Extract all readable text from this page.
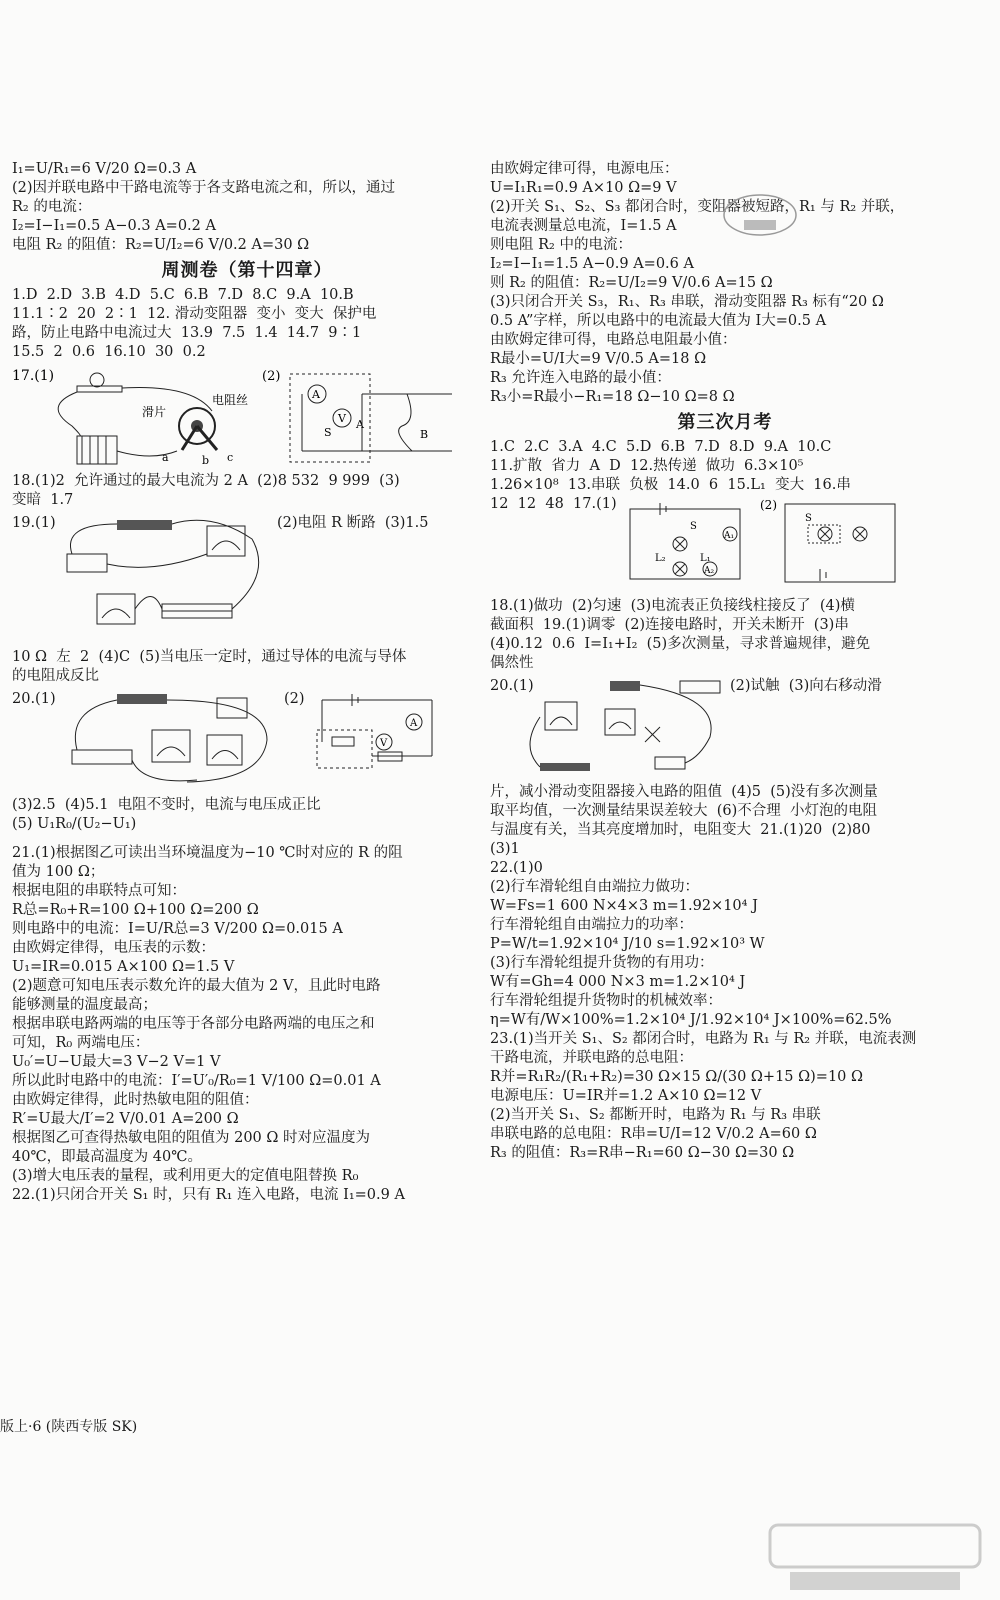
I₁=U/R₁=6 V/20 Ω=0.3 A

(2)因并联电路中干路电流等于各支路电流之和，所以，通过

R₂ 的电流：

I₂=I−I₁=0.5 A−0.3 A=0.2 A

电阻 R₂ 的阻值：R₂=U/I₂=6 V/0.2 A=30 Ω

周测卷（第十四章）

1.D  2.D  3.B  4.D  5.C  6.B  7.D  8.C  9.A  10.B

11.1∶2  20  2∶1  12. 滑动变阻器  变小  变大  保护电

路，防止电路中电流过大  13.9  7.5  1.4  14.7  9∶1

15.5  2  0.6  16.10  30  0.2

17.(1)
滑片
电阻丝
a	b c
(2)
A
V
S
A
B

18.(1)2  允许通过的最大电流为 2 A  (2)8 532  9 999  (3)

变暗  1.7

19.(1)	(2)电阻 R 断路  (3)1.5

10 Ω  左  2  (4)C  (5)当电压一定时，通过导体的电流与导体

的电阻成反比

20.(1)	(2)
V
A

(3)2.5  (4)5.1  电阻不变时，电流与电压成正比

(5) U₁R₀/(U₂−U₁)

21.(1)根据图乙可读出当环境温度为−10 ℃时对应的 R 的阻

值为 100 Ω；

根据电阻的串联特点可知：

R总=R₀+R=100 Ω+100 Ω=200 Ω

则电路中的电流：I=U/R总=3 V/200 Ω=0.015 A

由欧姆定律得，电压表的示数：

U₁=IR=0.015 A×100 Ω=1.5 V

(2)题意可知电压表示数允许的最大值为 2 V，且此时电路

能够测量的温度最高；

根据串联电路两端的电压等于各部分电路两端的电压之和

可知，R₀ 两端电压：

U₀′=U−U最大=3 V−2 V=1 V

所以此时电路中的电流：I′=U′₀/R₀=1 V/100 Ω=0.01 A

由欧姆定律得，此时热敏电阻的阻值：

R′=U最大/I′=2 V/0.01 A=200 Ω

根据图乙可查得热敏电阻的阻值为 200 Ω 时对应温度为

40℃，即最高温度为 40℃。

(3)增大电压表的量程，或利用更大的定值电阻替换 R₀

22.(1)只闭合开关 S₁ 时，只有 R₁ 连入电路，电流 I₁=0.9 A

由欧姆定律可得，电源电压：

U=I₁R₁=0.9 A×10 Ω=9 V

(2)开关 S₁、S₂、S₃ 都闭合时，变阻器被短路，R₁ 与 R₂ 并联，

电流表测量总电流，I=1.5 A

则电阻 R₂ 中的电流：

I₂=I−I₁=1.5 A−0.9 A=0.6 A

则 R₂ 的阻值：R₂=U/I₂=9 V/0.6 A=15 Ω

(3)只闭合开关 S₃，R₁、R₃ 串联，滑动变阻器 R₃ 标有“20 Ω

0.5 A”字样，所以电路中的电流最大值为 I大=0.5 A

由欧姆定律可得，电路总电阻最小值：

R最小=U/I大=9 V/0.5 A=18 Ω

R₃ 允许连入电路的最小值：

R₃小=R最小−R₁=18 Ω−10 Ω=8 Ω

第三次月考

1.C  2.C  3.A  4.C  5.D  6.B  7.D  8.D  9.A  10.C

11.扩散  省力  A  D  12.热传递  做功  6.3×10⁵

1.26×10⁸  13.串联  负极  14.0  6  15.L₁  变大  16.串

12  12  48  17.(1)
S
A₁
L₂	L₁
A₂
(2)
S

18.(1)做功  (2)匀速  (3)电流表正负接线柱接反了  (4)横

截面积  19.(1)调零  (2)连接电路时，开关未断开  (3)串

(4)0.12  0.6  I=I₁+I₂  (5)多次测量，寻求普遍规律，避免

偶然性

20.(1)	(2)试触  (3)向右移动滑

片，减小滑动变阻器接入电路的阻值  (4)5  (5)没有多次测量

取平均值，一次测量结果误差较大  (6)不合理  小灯泡的电阻

与温度有关，当其亮度增加时，电阻变大  21.(1)20  (2)80

(3)1

22.(1)0

(2)行车滑轮组自由端拉力做功：

W=Fs=1 600 N×4×3 m=1.92×10⁴ J

行车滑轮组自由端拉力的功率：

P=W/t=1.92×10⁴ J/10 s=1.92×10³ W

(3)行车滑轮组提升货物的有用功：

W有=Gh=4 000 N×3 m=1.2×10⁴ J

行车滑轮组提升货物时的机械效率：

η=W有/W×100%=1.2×10⁴ J/1.92×10⁴ J×100%=62.5%

23.(1)当开关 S₁、S₂ 都闭合时，电路为 R₁ 与 R₂ 并联，电流表测

干路电流，并联电路的总电阻：

R并=R₁R₂/(R₁+R₂)=30 Ω×15 Ω/(30 Ω+15 Ω)=10 Ω

电源电压：U=IR并=1.2 A×10 Ω=12 V

(2)当开关 S₁、S₂ 都断开时，电路为 R₁ 与 R₃ 串联

串联电路的总电阻：R串=U/I=12 V/0.2 A=60 Ω

R₃ 的阻值：R₃=R串−R₁=60 Ω−30 Ω=30 Ω

版上·6 (陕西专版 SK)
